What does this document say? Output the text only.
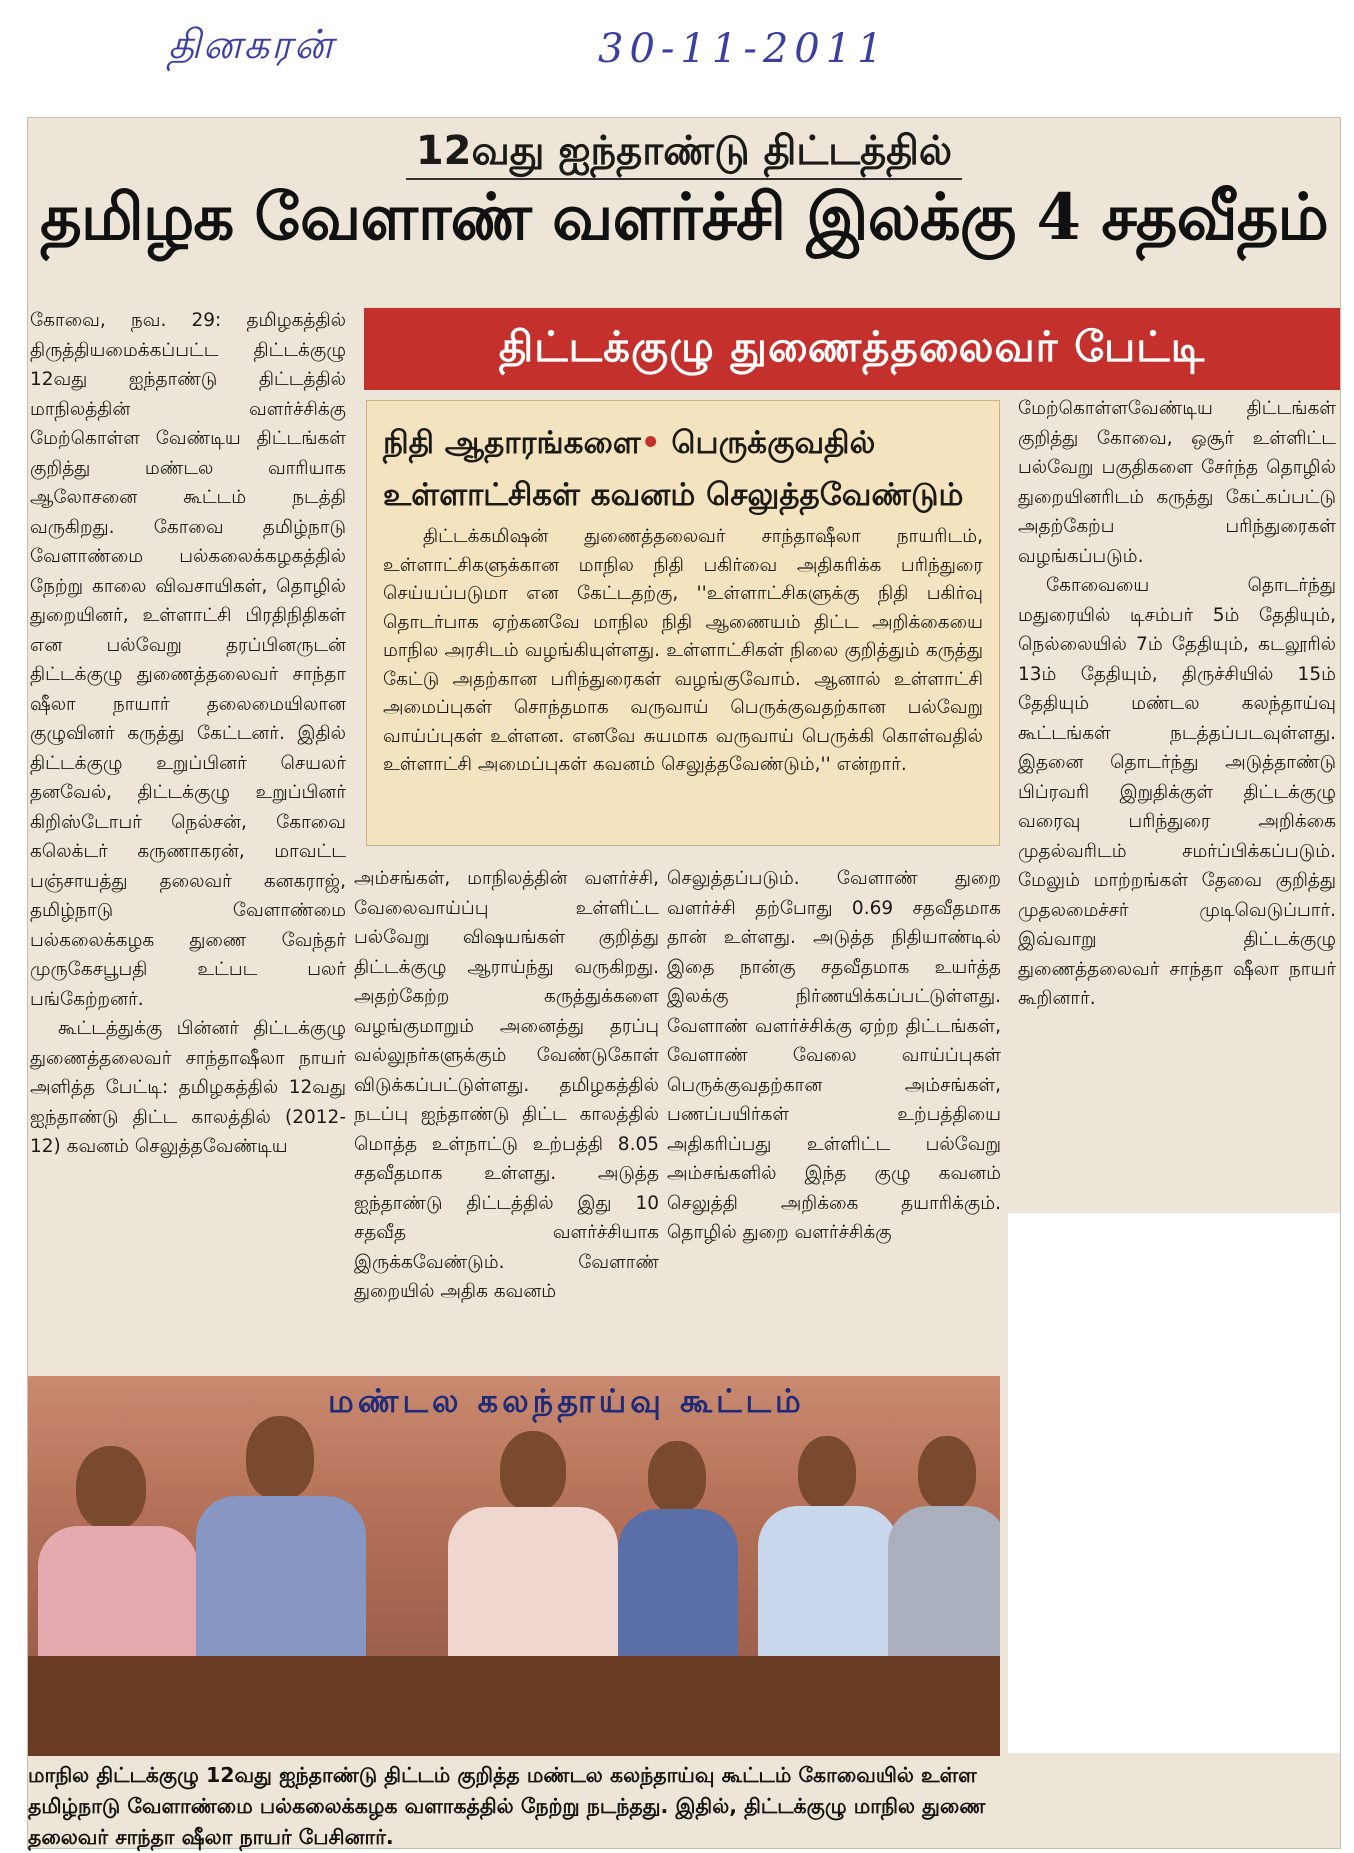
தினகரன்	30-11-2011
12வது ஐந்தாண்டு திட்டத்தில்
தமிழக வேளாண் வளர்ச்சி இலக்கு 4 சதவீதம்
திட்டக்குழு துணைத்தலைவர் பேட்டி

கோவை, நவ. 29: தமிழகத்தில் திருத்தியமைக்கப்பட்ட திட்டக்குழு 12வது ஐந்தாண்டு திட்டத்தில் மாநிலத்தின் வளர்ச்சிக்கு மேற்கொள்ள வேண்டிய திட்டங்கள் குறித்து மண்டல வாரியாக ஆலோசனை கூட்டம் நடத்தி வருகிறது. கோவை தமிழ்நாடு வேளாண்மை பல்கலைக்கழகத்தில் நேற்று காலை விவசாயிகள், தொழில் துறையினர், உள்ளாட்சி பிரதிநிதிகள் என பல்வேறு தரப்பினருடன் திட்டக்குழு துணைத்தலைவர் சாந்தா ஷீலா நாயார் தலைமையிலான குழுவினர் கருத்து கேட்டனர். இதில் திட்டக்குழு உறுப்பினர் செயலர் தனவேல், திட்டக்குழு உறுப்பினர் கிறிஸ்டோபர் நெல்சன், கோவை கலெக்டர் கருணாகரன், மாவட்ட பஞ்சாயத்து தலைவர் கனகராஜ், தமிழ்நாடு வேளாண்மை பல்கலைக்கழக துணை வேந்தர் முருகேசபூபதி உட்பட பலர் பங்கேற்றனர்.

கூட்டத்துக்கு பின்னர் திட்டக்குழு துணைத்தலைவர் சாந்தாஷீலா நாயர் அளித்த பேட்டி: தமிழகத்தில் 12வது ஐந்தாண்டு திட்ட காலத்தில் (2012-12) கவனம் செலுத்தவேண்டிய

நிதி ஆதாரங்களை• பெருக்குவதில்
உள்ளாட்சிகள் கவனம் செலுத்தவேண்டும்
திட்டக்கமிஷன் துணைத்தலைவர் சாந்தாஷீலா நாயரிடம், உள்ளாட்சிகளுக்கான மாநில நிதி பகிர்வை அதிகரிக்க பரிந்துரை செய்யப்படுமா என கேட்டதற்கு, ''உள்ளாட்சிகளுக்கு நிதி பகிர்வு தொடர்பாக ஏற்கனவே மாநில நிதி ஆணையம் திட்ட அறிக்கையை மாநில அரசிடம் வழங்கியுள்ளது. உள்ளாட்சிகள் நிலை குறித்தும் கருத்து கேட்டு அதற்கான பரிந்துரைகள் வழங்குவோம். ஆனால் உள்ளாட்சி அமைப்புகள் சொந்தமாக வருவாய் பெருக்குவதற்கான பல்வேறு வாய்ப்புகள் உள்ளன. எனவே சுயமாக வருவாய் பெருக்கி கொள்வதில் உள்ளாட்சி அமைப்புகள் கவனம் செலுத்தவேண்டும்,'' என்றார்.
அம்சங்கள், மாநிலத்தின் வளர்ச்சி, வேலைவாய்ப்பு உள்ளிட்ட பல்வேறு விஷயங்கள் குறித்து திட்டக்குழு ஆராய்ந்து வருகிறது. அதற்கேற்ற கருத்துக்களை வழங்குமாறும் அனைத்து தரப்பு வல்லுநர்களுக்கும் வேண்டுகோள் விடுக்கப்பட்டுள்ளது. தமிழகத்தில் நடப்பு ஐந்தாண்டு திட்ட காலத்தில் மொத்த உள்நாட்டு உற்பத்தி 8.05 சதவீதமாக உள்ளது. அடுத்த ஐந்தாண்டு திட்டத்தில் இது 10 சதவீத வளர்ச்சியாக இருக்கவேண்டும். வேளாண் துறையில் அதிக கவனம்
செலுத்தப்படும். வேளாண் துறை வளர்ச்சி தற்போது 0.69 சதவீதமாக தான் உள்ளது. அடுத்த நிதியாண்டில் இதை நான்கு சதவீதமாக உயர்த்த இலக்கு நிர்ணயிக்கப்பட்டுள்ளது. வேளாண் வளர்ச்சிக்கு ஏற்ற திட்டங்கள், வேளாண் வேலை வாய்ப்புகள் பெருக்குவதற்கான அம்சங்கள், பணப்பயிர்கள் உற்பத்தியை அதிகரிப்பது உள்ளிட்ட பல்வேறு அம்சங்களில் இந்த குழு கவனம் செலுத்தி அறிக்கை தயாரிக்கும். தொழில் துறை வளர்ச்சிக்கு

மேற்கொள்ளவேண்டிய திட்டங்கள் குறித்து கோவை, ஒசூர் உள்ளிட்ட பல்வேறு பகுதிகளை சேர்ந்த தொழில் துறையினரிடம் கருத்து கேட்கப்பட்டு அதற்கேற்ப பரிந்துரைகள் வழங்கப்படும்.

கோவையை தொடர்ந்து மதுரையில் டிசம்பர் 5ம் தேதியும், நெல்லையில் 7ம் தேதியும், கடலூரில் 13ம் தேதியும், திருச்சியில் 15ம் தேதியும் மண்டல கலந்தாய்வு கூட்டங்கள் நடத்தப்படவுள்ளது. இதனை தொடர்ந்து அடுத்தாண்டு பிப்ரவரி இறுதிக்குள் திட்டக்குழு வரைவு பரிந்துரை அறிக்கை முதல்வரிடம் சமர்ப்பிக்கப்படும். மேலும் மாற்றங்கள் தேவை குறித்து முதலமைச்சர் முடிவெடுப்பார். இவ்வாறு திட்டக்குழு துணைத்தலைவர் சாந்தா ஷீலா நாயர் கூறினார்.

மண்டல கலந்தாய்வு கூட்டம்
மாநில திட்டக்குழு 12வது ஐந்தாண்டு திட்டம் குறித்த மண்டல கலந்தாய்வு கூட்டம் கோவையில் உள்ள தமிழ்நாடு வேளாண்மை பல்கலைக்கழக வளாகத்தில் நேற்று நடந்தது. இதில், திட்டக்குழு மாநில துணை தலைவர் சாந்தா ஷீலா நாயர் பேசினார்.
